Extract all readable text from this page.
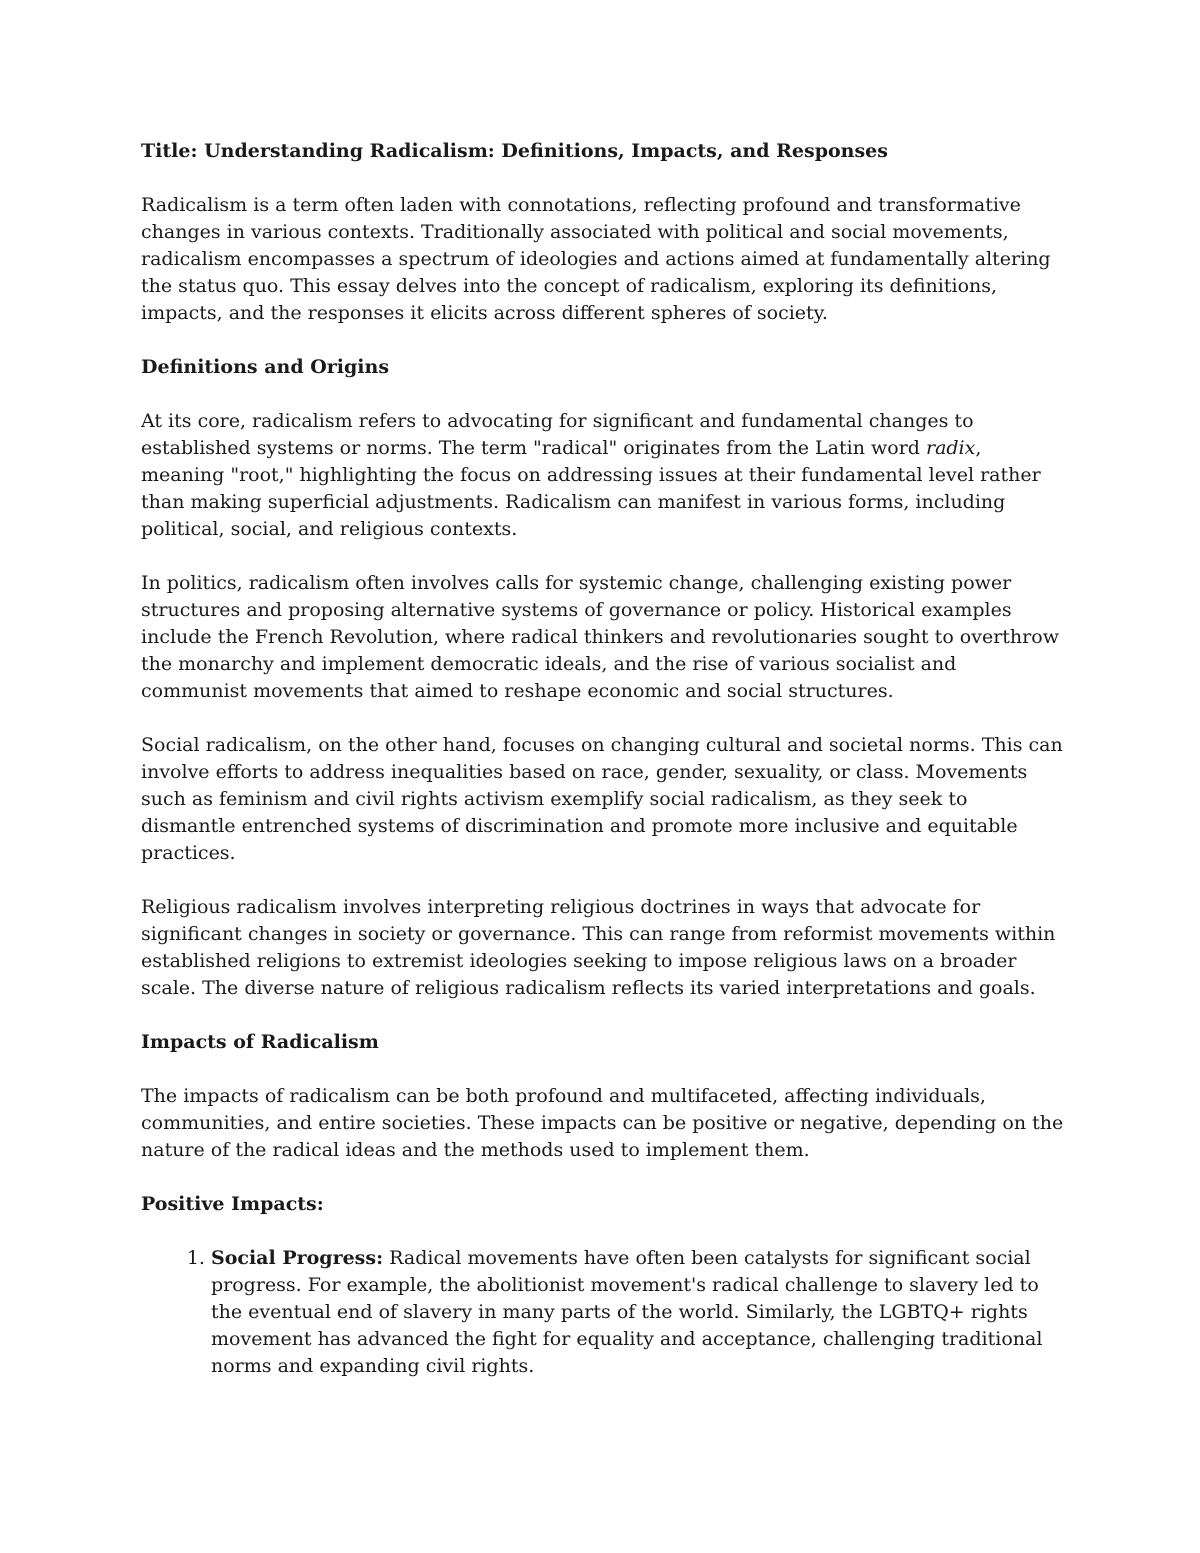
Title: Understanding Radicalism: Definitions, Impacts, and Responses

Radicalism is a term often laden with connotations, reflecting profound and transformative changes in various contexts. Traditionally associated with political and social movements, radicalism encompasses a spectrum of ideologies and actions aimed at fundamentally altering the status quo. This essay delves into the concept of radicalism, exploring its definitions, impacts, and the responses it elicits across different spheres of society.

Definitions and Origins

At its core, radicalism refers to advocating for significant and fundamental changes to established systems or norms. The term "radical" originates from the Latin word radix, meaning "root," highlighting the focus on addressing issues at their fundamental level rather than making superficial adjustments. Radicalism can manifest in various forms, including political, social, and religious contexts.

In politics, radicalism often involves calls for systemic change, challenging existing power structures and proposing alternative systems of governance or policy. Historical examples include the French Revolution, where radical thinkers and revolutionaries sought to overthrow the monarchy and implement democratic ideals, and the rise of various socialist and communist movements that aimed to reshape economic and social structures.

Social radicalism, on the other hand, focuses on changing cultural and societal norms. This can involve efforts to address inequalities based on race, gender, sexuality, or class. Movements such as feminism and civil rights activism exemplify social radicalism, as they seek to dismantle entrenched systems of discrimination and promote more inclusive and equitable practices.

Religious radicalism involves interpreting religious doctrines in ways that advocate for significant changes in society or governance. This can range from reformist movements within established religions to extremist ideologies seeking to impose religious laws on a broader scale. The diverse nature of religious radicalism reflects its varied interpretations and goals.

Impacts of Radicalism

The impacts of radicalism can be both profound and multifaceted, affecting individuals, communities, and entire societies. These impacts can be positive or negative, depending on the nature of the radical ideas and the methods used to implement them.

Positive Impacts:

1. Social Progress: Radical movements have often been catalysts for significant social progress. For example, the abolitionist movement's radical challenge to slavery led to the eventual end of slavery in many parts of the world. Similarly, the LGBTQ+ rights movement has advanced the fight for equality and acceptance, challenging traditional norms and expanding civil rights.
